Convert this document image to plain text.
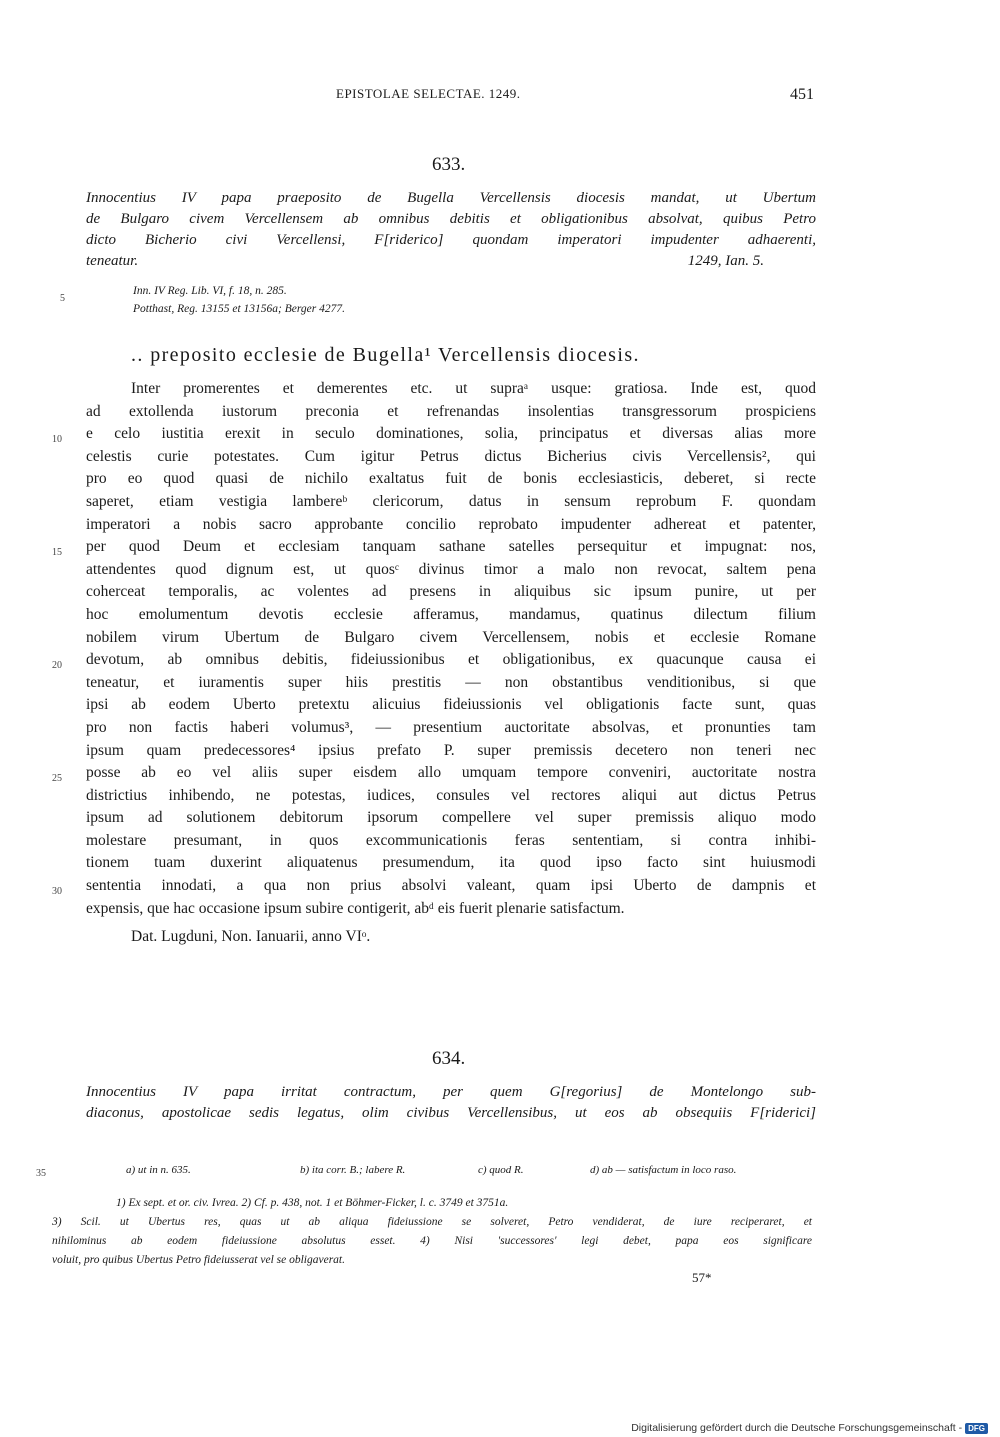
EPISTOLAE SELECTAE. 1249.	451
633.
Innocentius IV papa praeposito de Bugella Vercellensis diocesis mandat, ut Ubertum
de Bulgaro civem Vercellensem ab omnibus debitis et obligationibus absolvat, quibus Petro
dicto Bicherio civi Vercellensi, F[riderico] quondam imperatori impudenter adhaerenti,
teneatur.	1249, Ian. 5.
Inn. IV Reg. Lib. VI, f. 18, n. 285.
Potthast, Reg. 13155 et 13156a; Berger 4277.
.. preposito ecclesie de Bugella¹ Vercellensis diocesis.
Inter promerentes et demerentes etc. ut supraᵃ usque: gratiosa. Inde est, quod
ad extollenda iustorum preconia et refrenandas insolentias transgressorum prospiciens
e celo iustitia erexit in seculo dominationes, solia, principatus et diversas alias more
celestis curie potestates. Cum igitur Petrus dictus Bicherius civis Vercellensis², qui
pro eo quod quasi de nichilo exaltatus fuit de bonis ecclesiasticis, deberet, si recte
saperet, etiam vestigia lambereᵇ clericorum, datus in sensum reprobum F. quondam
imperatori a nobis sacro approbante concilio reprobato impudenter adhereat et patenter,
per quod Deum et ecclesiam tanquam sathane satelles persequitur et impugnat: nos,
attendentes quod dignum est, ut quosᶜ divinus timor a malo non revocat, saltem pena
coherceat temporalis, ac volentes ad presens in aliquibus sic ipsum punire, ut per
hoc emolumentum devotis ecclesie afferamus, mandamus, quatinus dilectum filium
nobilem virum Ubertum de Bulgaro civem Vercellensem, nobis et ecclesie Romane
devotum, ab omnibus debitis, fideiussionibus et obligationibus, ex quacunque causa ei
teneatur, et iuramentis super hiis prestitis — non obstantibus venditionibus, si que
ipsi ab eodem Uberto pretextu alicuius fideiussionis vel obligationis facte sunt, quas
pro non factis haberi volumus³, — presentium auctoritate absolvas, et pronunties tam
ipsum quam predecessores⁴ ipsius prefato P. super premissis decetero non teneri nec
posse ab eo vel aliis super eisdem allo umquam tempore conveniri, auctoritate nostra
districtius inhibendo, ne potestas, iudices, consules vel rectores aliqui aut dictus Petrus
ipsum ad solutionem debitorum ipsorum compellere vel super premissis aliquo modo
molestare presumant, in quos excommunicationis feras sententiam, si contra inhibi-
tionem tuam duxerint aliquatenus presumendum, ita quod ipso facto sint huiusmodi
sententia innodati, a qua non prius absolvi valeant, quam ipsi Uberto de dampnis et
expensis, que hac occasione ipsum subire contigerit, abᵈ eis fuerit plenarie satisfactum.
Dat. Lugduni, Non. Ianuarii, anno VIᵒ.
5
10
15
20
25
30
35
634.
Innocentius IV papa irritat contractum, per quem G[regorius] de Montelongo sub-
diaconus, apostolicae sedis legatus, olim civibus Vercellensibus, ut eos ab obsequiis F[riderici]
a) ut in n. 635.	b) ita corr. B.; labere R.	c) quod R.	d) ab — satisfactum in loco raso.
1) Ex sept. et or. civ. Ivrea. 2) Cf. p. 438, not. 1 et Böhmer-Ficker, l. c. 3749 et 3751a.
3) Scil. ut Ubertus res, quas ut ab aliqua fideiussione se solveret, Petro vendiderat, de iure reciperaret, et
nihilominus ab eodem fideiussione absolutus esset. 4) Nisi 'successores' legi debet, papa eos significare
voluit, pro quibus Ubertus Petro fideiusserat vel se obligaverat.
57*
Digitalisierung gefördert durch die Deutsche Forschungsgemeinschaft - DFG
